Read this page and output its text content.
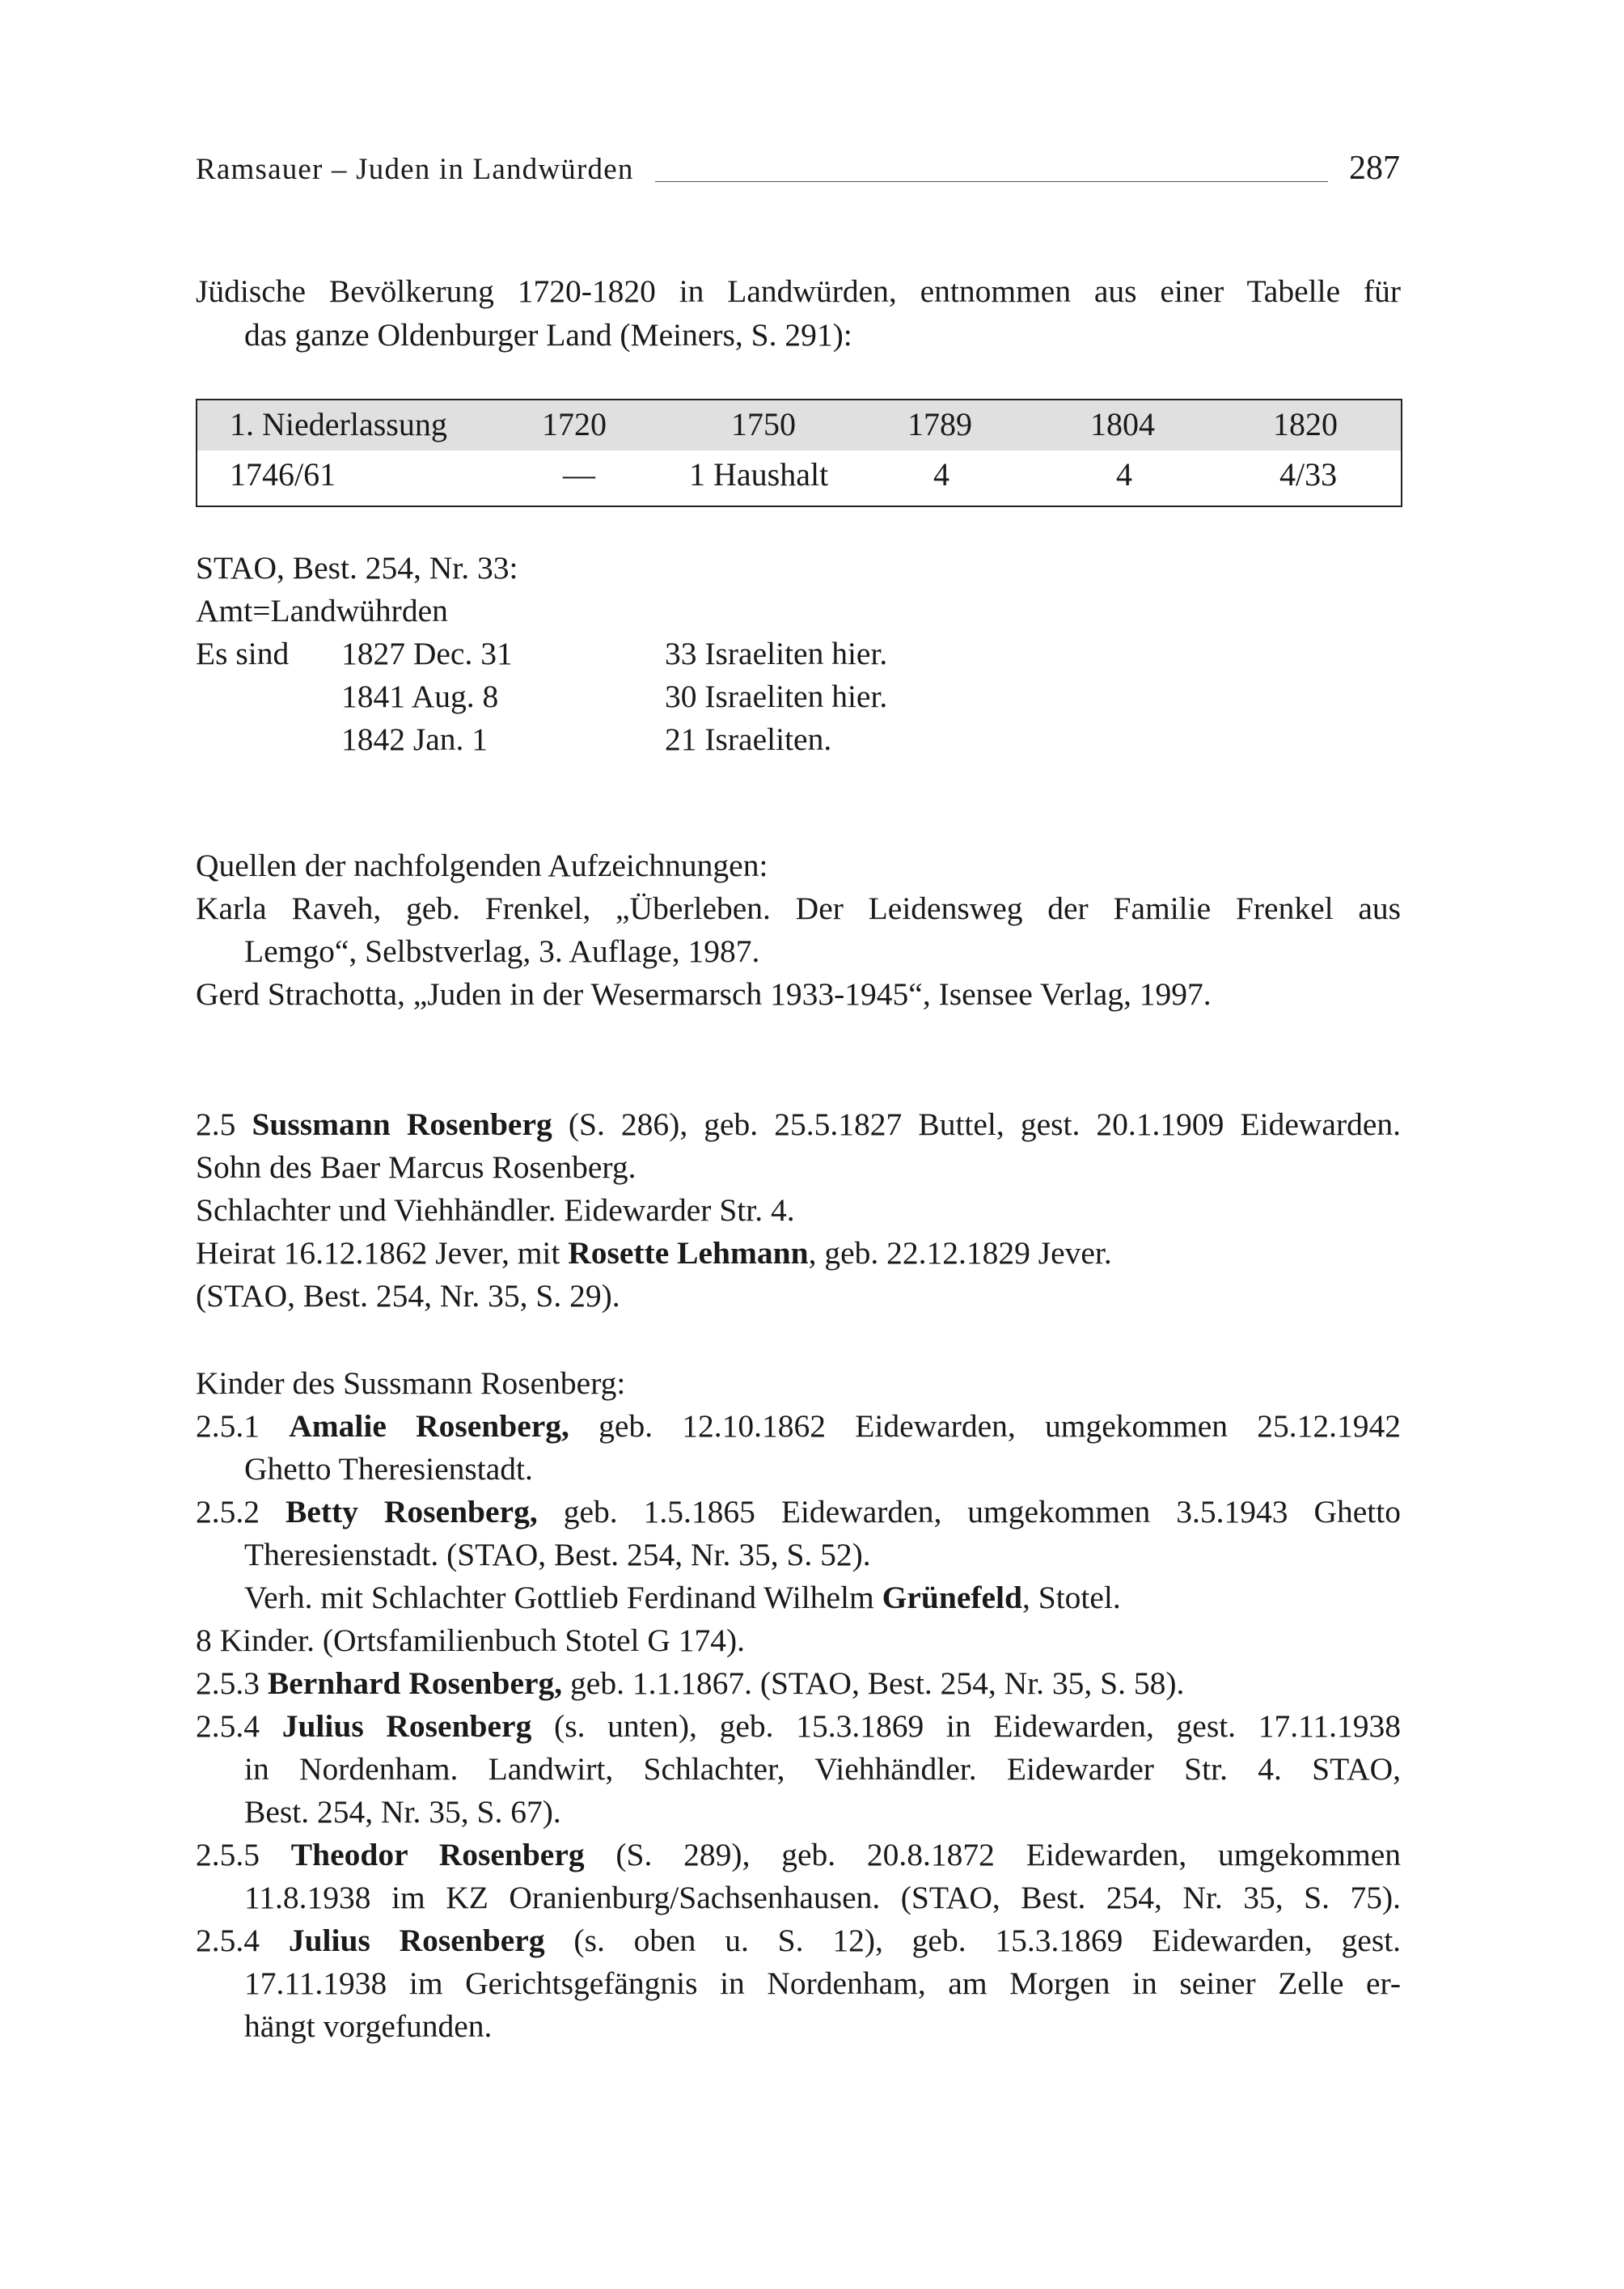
Ramsauer – Juden in Landwürden	287
Jüdische Bevölkerung 1720-1820 in Landwürden, entnommen aus einer Tabelle für
das ganze Oldenburger Land (Meiners, S. 291):
1. Niederlassung	1720	1750	1789	1804	1820
1746/61	—	1 Haushalt	4	4	4/33
STAO, Best. 254, Nr. 33:
Amt=Landwührden
Es sind 1827 Dec. 31	33 Israeliten hier.
1841 Aug. 8	30 Israeliten hier.
1842 Jan. 1	21 Israeliten.
Quellen der nachfolgenden Aufzeichnungen:
Karla Raveh, geb. Frenkel, „Überleben. Der Leidensweg der Familie Frenkel aus
Lemgo“, Selbstverlag, 3. Auflage, 1987.
Gerd Strachotta, „Juden in der Wesermarsch 1933-1945“, Isensee Verlag, 1997.
2.5 Sussmann Rosenberg (S. 286), geb. 25.5.1827 Buttel, gest. 20.1.1909 Eidewarden.
Sohn des Baer Marcus Rosenberg.
Schlachter und Viehhändler. Eidewarder Str. 4.
Heirat 16.12.1862 Jever, mit Rosette Lehmann, geb. 22.12.1829 Jever.
(STAO, Best. 254, Nr. 35, S. 29).
Kinder des Sussmann Rosenberg:
2.5.1 Amalie Rosenberg, geb. 12.10.1862 Eidewarden, umgekommen 25.12.1942
Ghetto Theresienstadt.
2.5.2 Betty Rosenberg, geb. 1.5.1865 Eidewarden, umgekommen 3.5.1943 Ghetto
Theresienstadt. (STAO, Best. 254, Nr. 35, S. 52).
Verh. mit Schlachter Gottlieb Ferdinand Wilhelm Grünefeld, Stotel.
8 Kinder. (Ortsfamilienbuch Stotel G 174).
2.5.3 Bernhard Rosenberg, geb. 1.1.1867. (STAO, Best. 254, Nr. 35, S. 58).
2.5.4 Julius Rosenberg (s. unten), geb. 15.3.1869 in Eidewarden, gest. 17.11.1938
in Nordenham. Landwirt, Schlachter, Viehhändler. Eidewarder Str. 4. STAO,
Best. 254, Nr. 35, S. 67).
2.5.5 Theodor Rosenberg (S. 289), geb. 20.8.1872 Eidewarden, umgekommen
11.8.1938 im KZ Oranienburg/Sachsenhausen. (STAO, Best. 254, Nr. 35, S. 75).
2.5.4 Julius Rosenberg (s. oben u. S. 12), geb. 15.3.1869 Eidewarden, gest.
17.11.1938 im Gerichtsgefängnis in Nordenham, am Morgen in seiner Zelle er-
hängt vorgefunden.
